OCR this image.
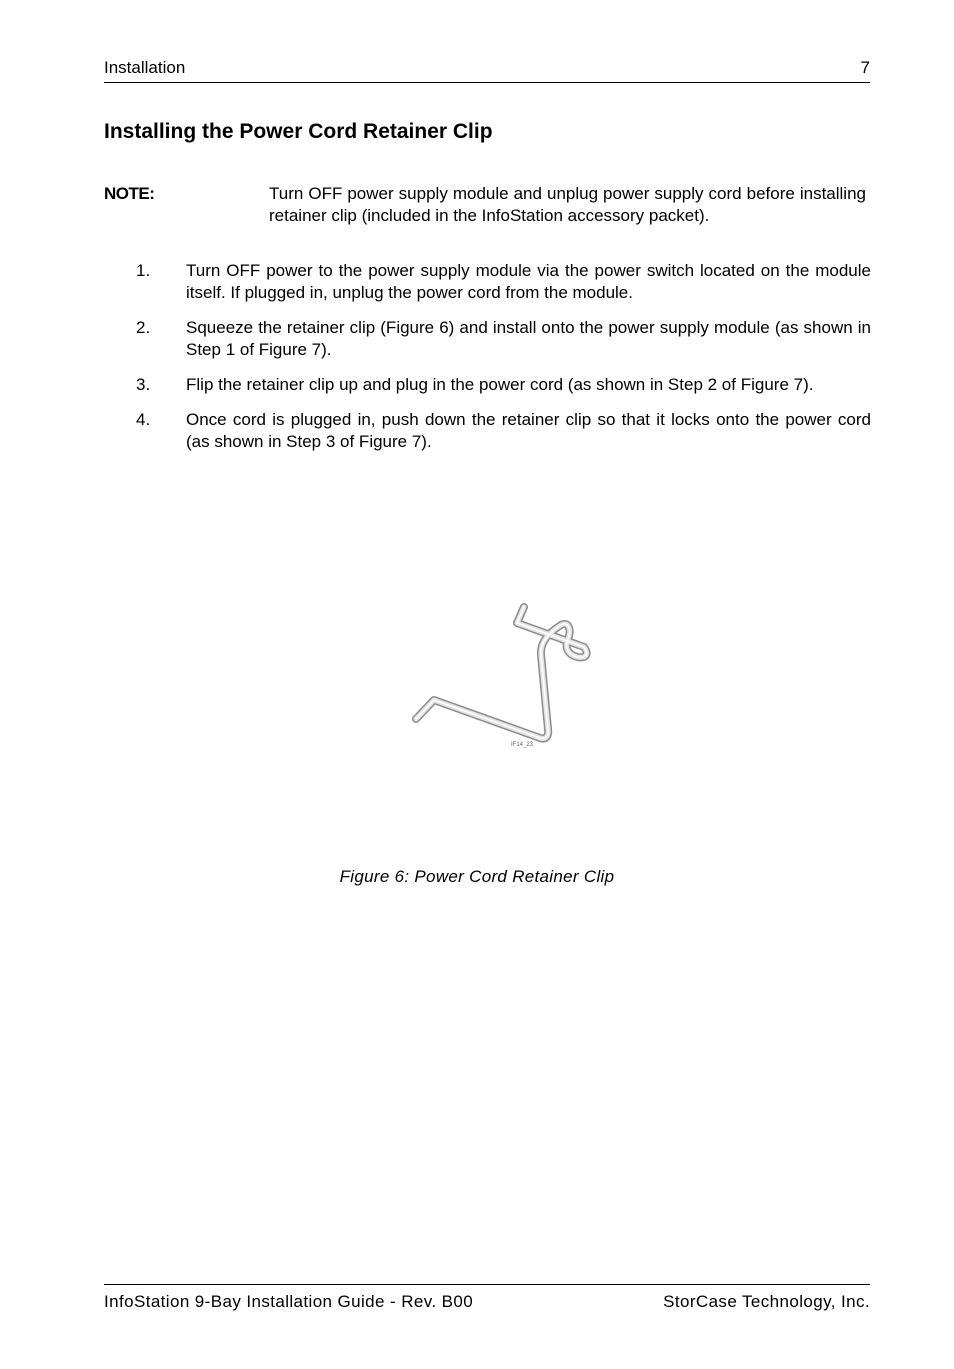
Installation	7
Installing the Power Cord Retainer Clip
NOTE:	Turn OFF power supply module and unplug power supply cord before installing retainer clip (included in the InfoStation accessory packet).
1. Turn OFF power to the power supply module via the power switch located on the module itself. If plugged in, unplug the power cord from the module.
2. Squeeze the retainer clip (Figure 6) and install onto the power supply module (as shown in Step 1 of Figure 7).
3. Flip the retainer clip up and plug in the power cord (as shown in Step 2 of Figure 7).
4. Once cord is plugged in, push down the retainer clip so that it locks onto the power cord (as shown in Step 3 of Figure 7).
IF14_23
Figure 6: Power Cord Retainer Clip
InfoStation 9-Bay Installation Guide - Rev. B00	StorCase Technology, Inc.
